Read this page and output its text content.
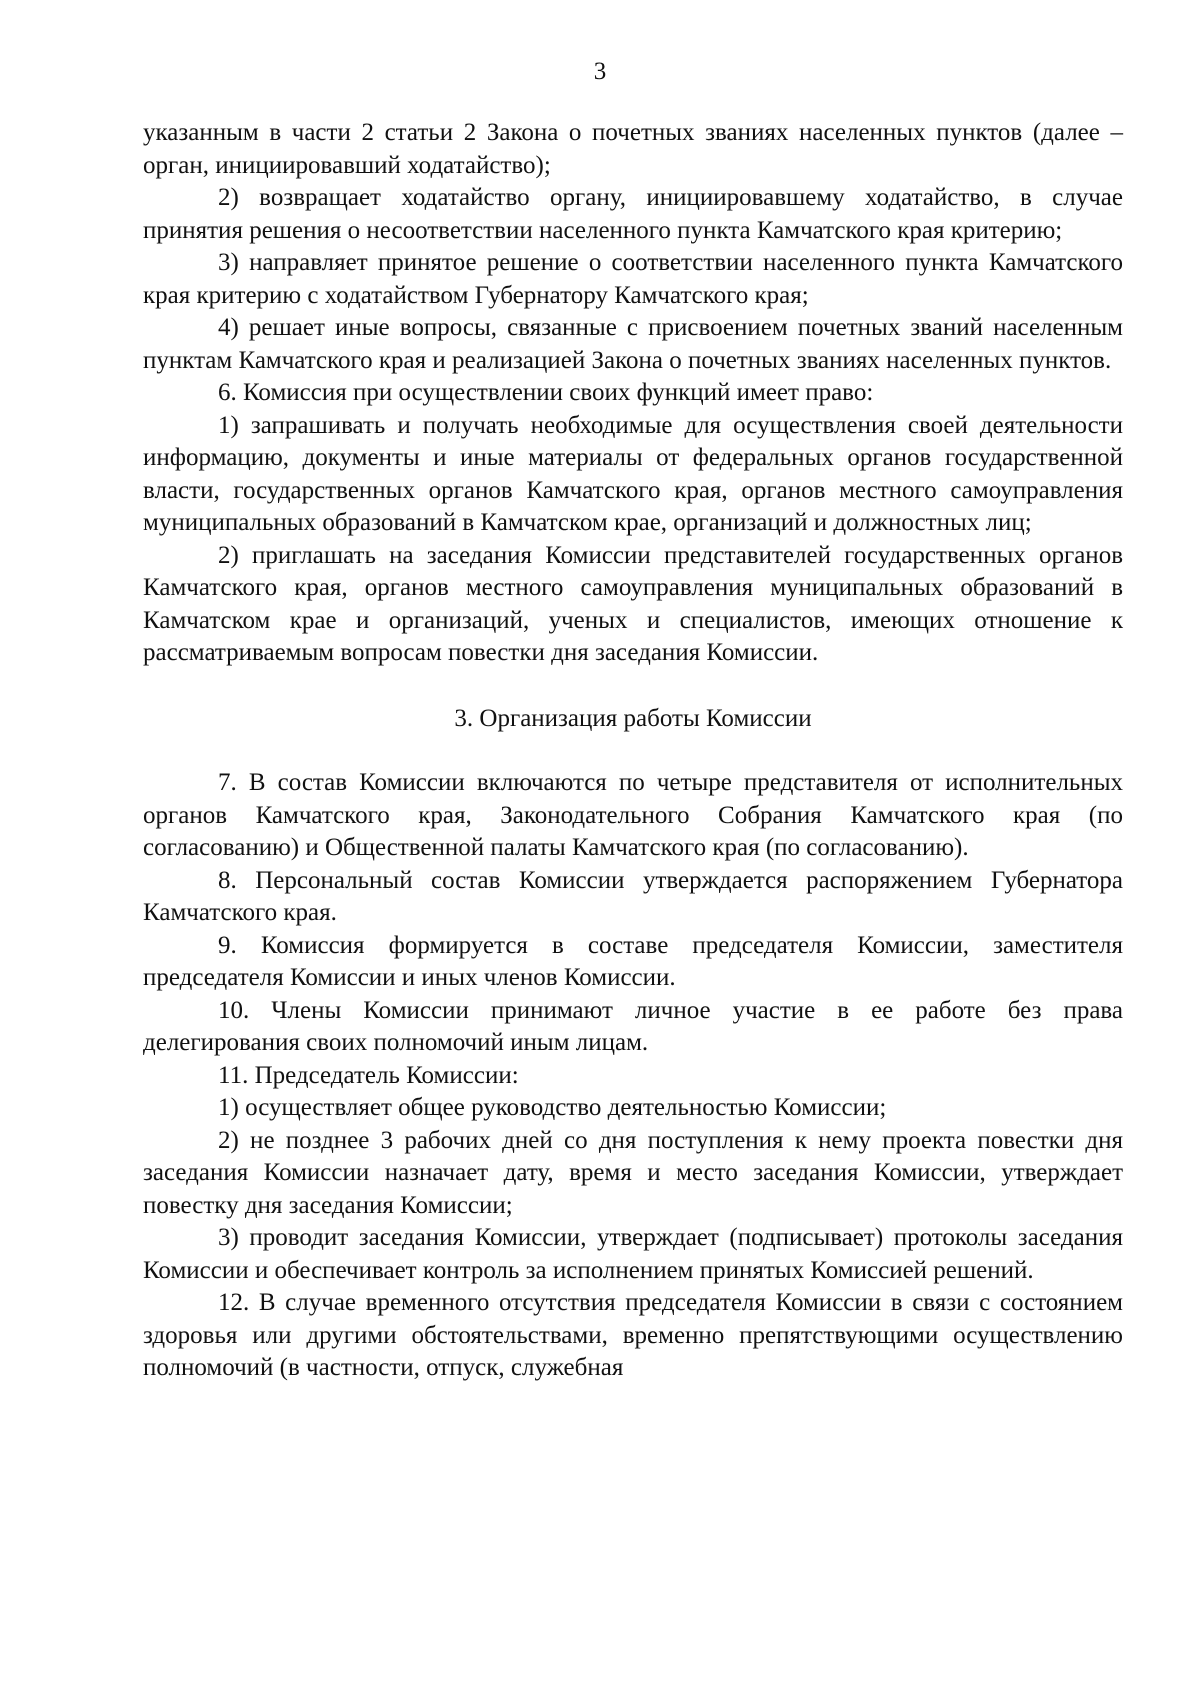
3

указанным в части 2 статьи 2 Закона о почетных званиях населенных пунктов (далее – орган, инициировавший ходатайство);

2) возвращает ходатайство органу, инициировавшему ходатайство, в случае принятия решения о несоответствии населенного пункта Камчатского края критерию;

3) направляет принятое решение о соответствии населенного пункта Камчатского края критерию с ходатайством Губернатору Камчатского края;

4) решает иные вопросы, связанные с присвоением почетных званий населенным пунктам Камчатского края и реализацией Закона о почетных званиях населенных пунктов.

6. Комиссия при осуществлении своих функций имеет право:

1) запрашивать и получать необходимые для осуществления своей деятельности информацию, документы и иные материалы от федеральных органов государственной власти, государственных органов Камчатского края, органов местного самоуправления муниципальных образований в Камчатском крае, организаций и должностных лиц;

2) приглашать на заседания Комиссии представителей государственных органов Камчатского края, органов местного самоуправления муниципальных образований в Камчатском крае и организаций, ученых и специалистов, имеющих отношение к рассматриваемым вопросам повестки дня заседания Комиссии.

3. Организация работы Комиссии

7. В состав Комиссии включаются по четыре представителя от исполнительных органов Камчатского края, Законодательного Собрания Камчатского края (по согласованию) и Общественной палаты Камчатского края (по согласованию).

8. Персональный состав Комиссии утверждается распоряжением Губернатора Камчатского края.

9. Комиссия формируется в составе председателя Комиссии, заместителя председателя Комиссии и иных членов Комиссии.

10. Члены Комиссии принимают личное участие в ее работе без права делегирования своих полномочий иным лицам.

11. Председатель Комиссии:

1) осуществляет общее руководство деятельностью Комиссии;

2) не позднее 3 рабочих дней со дня поступления к нему проекта повестки дня заседания Комиссии назначает дату, время и место заседания Комиссии, утверждает повестку дня заседания Комиссии;

3) проводит заседания Комиссии, утверждает (подписывает) протоколы заседания Комиссии и обеспечивает контроль за исполнением принятых Комиссией решений.

12. В случае временного отсутствия председателя Комиссии в связи с состоянием здоровья или другими обстоятельствами, временно препятствующими осуществлению полномочий (в частности, отпуск, служебная
